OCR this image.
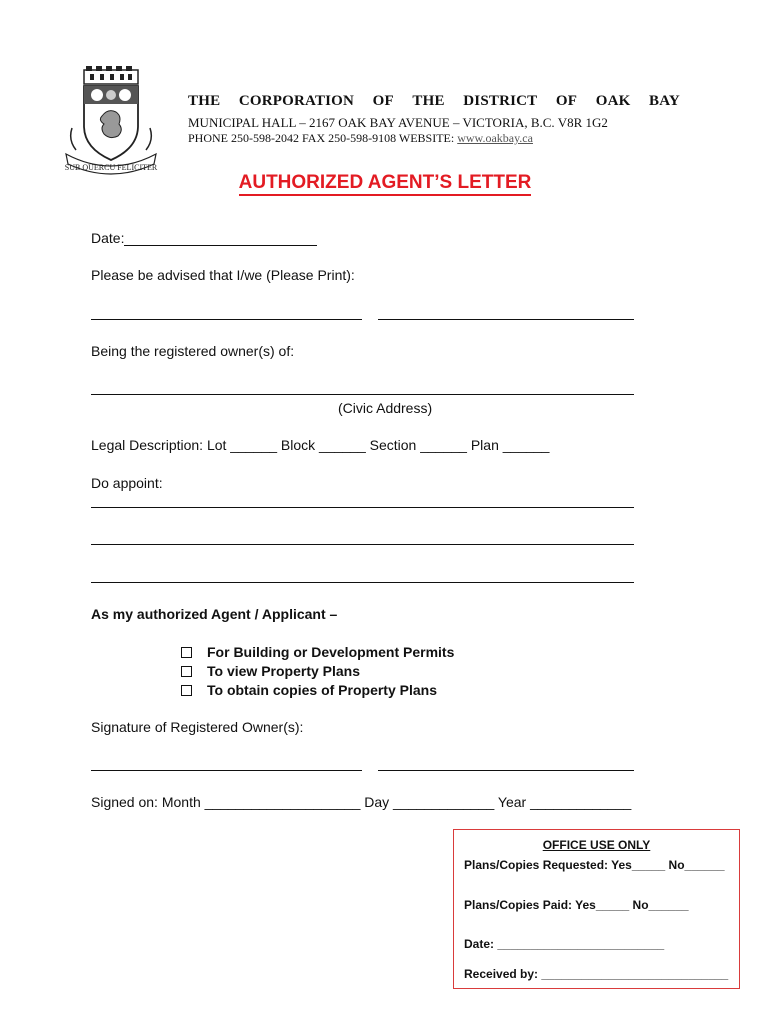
SUB QUERCU FELICITER
THE CORPORATION OF THE DISTRICT OF OAK BAY
MUNICIPAL HALL – 2167 OAK BAY AVENUE – VICTORIA, B.C. V8R 1G2
PHONE 250-598-2042 FAX 250-598-9108 WEBSITE: www.oakbay.ca
AUTHORIZED AGENT’S LETTER
Date:
Please be advised that I/we (Please Print):
Being the registered owner(s) of:
(Civic Address)
Legal Description: Lot ______ Block ______ Section ______ Plan ______
Do appoint:
As my authorized Agent / Applicant –
For Building or Development Permits
To view Property Plans
To obtain copies of Property Plans
Signature of Registered Owner(s):
Signed on: Month ____________________ Day _____________ Year _____________
OFFICE USE ONLY
Plans/Copies Requested: Yes_____ No______
Plans/Copies Paid: Yes_____ No______
Date: _________________________
Received by: ____________________________
